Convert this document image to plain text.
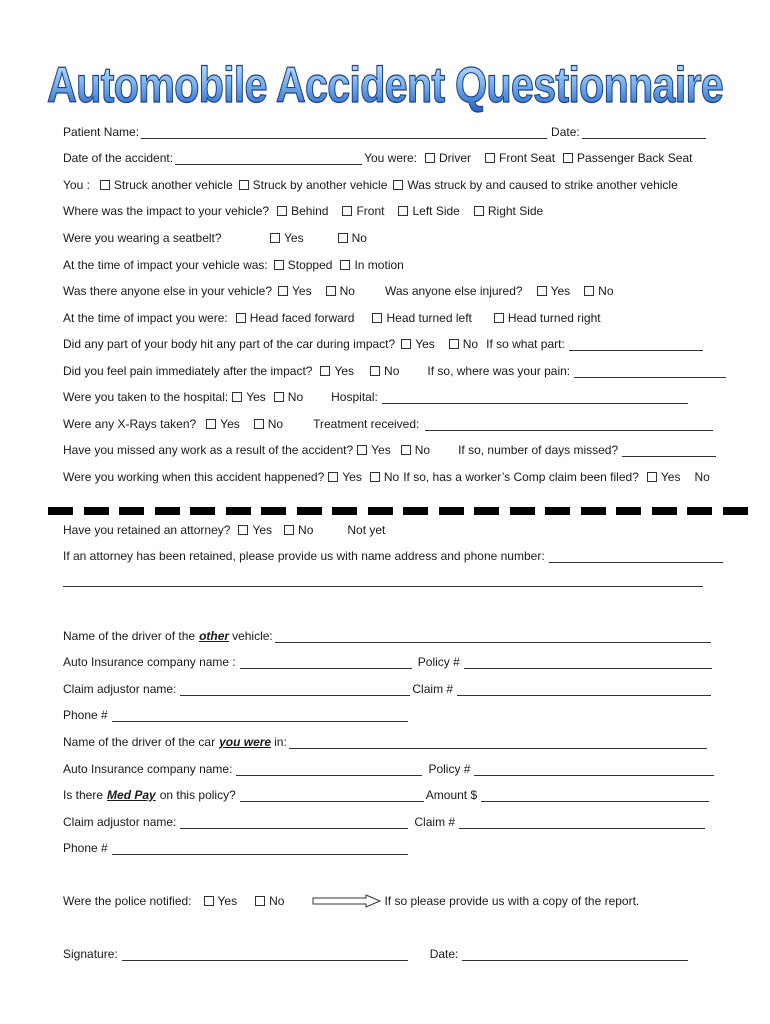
Automobile Accident Questionnaire
Patient Name:	Date:
Date of the accident:	You were: Driver Front Seat Passenger Back Seat
You : Struck another vehicle Struck by another vehicle Was struck by and caused to strike another vehicle
Where was the impact to your vehicle? Behind Front Left Side Right Side
Were you wearing a seatbelt?	Yes	No
At the time of impact your vehicle was: Stopped In motion
Was there anyone else in your vehicle? Yes No	Was anyone else injured? Yes No
At the time of impact you were: Head faced forward	Head turned left	Head turned right
Did any part of your body hit any part of the car during impact? Yes No If so what part:
Did you feel pain immediately after the impact? Yes	No If so, where was your pain:
Were you taken to the hospital: Yes No Hospital:
Were any X-Rays taken? Yes No	Treatment received:
Have you missed any work as a result of the accident? Yes No If so, number of days missed?
Were you working when this accident happened? Yes No If so, has a worker’s Comp claim been filed? Yes No
Have you retained an attorney? Yes No	Not yet
If an attorney has been retained, please provide us with name address and phone number:
Name of the driver of the other vehicle:
Auto Insurance company name :	Policy #
Claim adjustor name:	Claim #
Phone #
Name of the driver of the car you were in:
Auto Insurance company name:	Policy #
Is there Med Pay on this policy?	Amount $
Claim adjustor name:	Claim #
Phone #
Were the police notified: Yes	No	If so please provide us with a copy of the report.
Signature:	Date:
